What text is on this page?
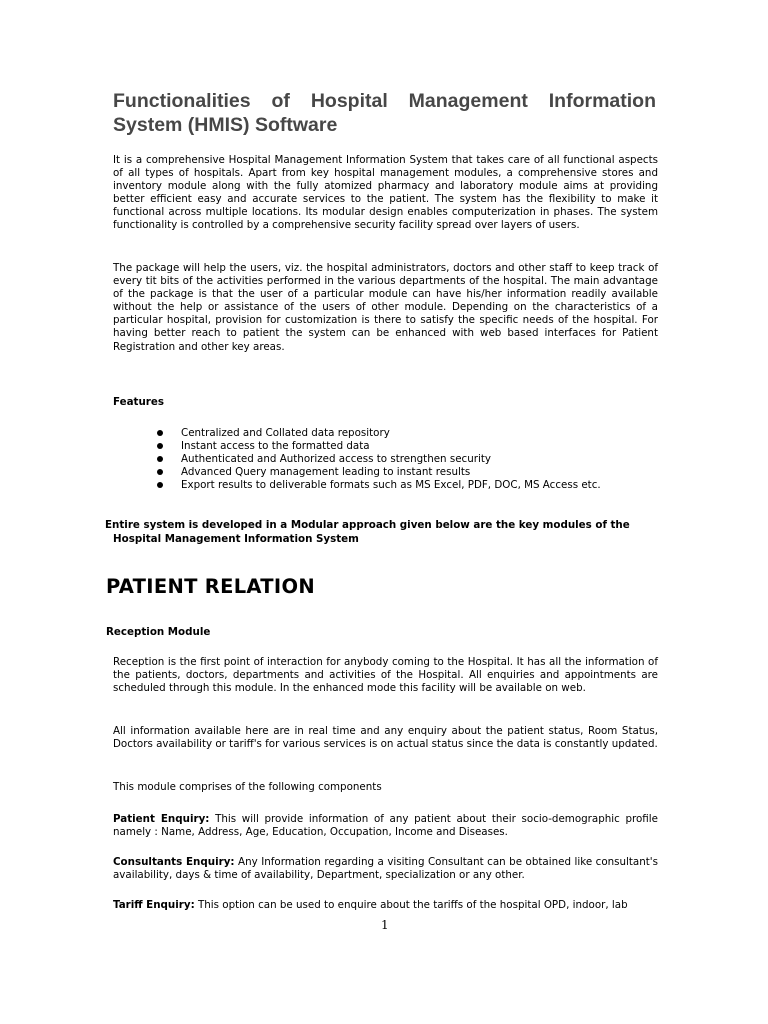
Functionalities of Hospital Management Information System (HMIS) Software

It is a comprehensive Hospital Management Information System that takes care of all functional aspects of all types of hospitals. Apart from key hospital management modules, a comprehensive stores and inventory module along with the fully atomized pharmacy and laboratory module aims at providing better efficient easy and accurate services to the patient. The system has the flexibility to make it functional across multiple locations. Its modular design enables computerization in phases. The system functionality is controlled by a comprehensive security facility spread over layers of users.

The package will help the users, viz. the hospital administrators, doctors and other staff to keep track of every tit bits of the activities performed in the various departments of the hospital. The main advantage of the package is that the user of a particular module can have his/her information readily available without the help or assistance of the users of other module. Depending on the characteristics of a particular hospital, provision for customization is there to satisfy the specific needs of the hospital. For having better reach to patient the system can be enhanced with web based interfaces for Patient Registration and other key areas.

Features

Centralized and Collated data repository
Instant access to the formatted data
Authenticated and Authorized access to strengthen security
Advanced Query management leading to instant results
Export results to deliverable formats such as MS Excel, PDF, DOC, MS Access etc.

Entire system is developed in a Modular approach given below are the key modules of the
Hospital Management Information System

PATIENT RELATION
Reception Module

Reception is the first point of interaction for anybody coming to the Hospital. It has all the information of the patients, doctors, departments and activities of the Hospital. All enquiries and appointments are scheduled through this module. In the enhanced mode this facility will be available on web.

All information available here are in real time and any enquiry about the patient status, Room Status, Doctors availability or tariff's for various services is on actual status since the data is constantly updated.

This module comprises of the following components

Patient Enquiry: This will provide information of any patient about their socio-demographic profile namely : Name, Address, Age, Education, Occupation, Income and Diseases.

Consultants Enquiry: Any Information regarding a visiting Consultant can be obtained like consultant's availability, days & time of availability, Department, specialization or any other.

Tariff Enquiry: This option can be used to enquire about the tariffs of the hospital OPD, indoor, lab

1
